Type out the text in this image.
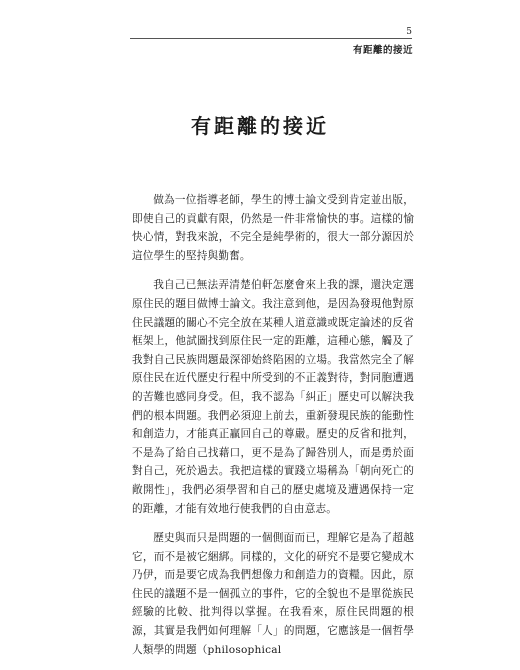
5
有距離的接近
有距離的接近

做為一位指導老師，學生的博士論文受到肯定並出版，即使自己的貢獻有限，仍然是一件非常愉快的事。這樣的愉快心情，對我來說，不完全是純學術的，很大一部分源因於這位學生的堅持與勤奮。

我自己已無法弄清楚伯軒怎麼會來上我的課，還決定選原住民的題目做博士論文。我注意到他，是因為發現他對原住民議題的關心不完全放在某種人道意識或既定論述的反省框架上，他試圖找到原住民一定的距離，這種心態，觸及了我對自己民族問題最深卻始終陷困的立場。我當然完全了解原住民在近代歷史行程中所受到的不正義對待，對同胞遭遇的苦難也感同身受。但，我不認為「糾正」歷史可以解決我們的根本問題。我們必須迎上前去，重新發現民族的能動性和創造力，才能真正贏回自己的尊嚴。歷史的反省和批判，不是為了給自己找藉口，更不是為了歸咎別人，而是勇於面對自己，死於過去。我把這樣的實踐立場稱為「朝向死亡的敞開性」，我們必須學習和自己的歷史處境及遭遇保持一定的距離，才能有效地行使我們的自由意志。

歷史與而只是問題的一個側面而已，理解它是為了超越它，而不是被它綑綁。同樣的，文化的研究不是要它變成木乃伊，而是要它成為我們想像力和創造力的資糧。因此，原住民的議題不是一個孤立的事件，它的全貌也不是單從族民經驗的比較、批判得以掌握。在我看來，原住民問題的根源，其實是我們如何理解「人」的問題，它應該是一個哲學人類學的問題（philosophical
